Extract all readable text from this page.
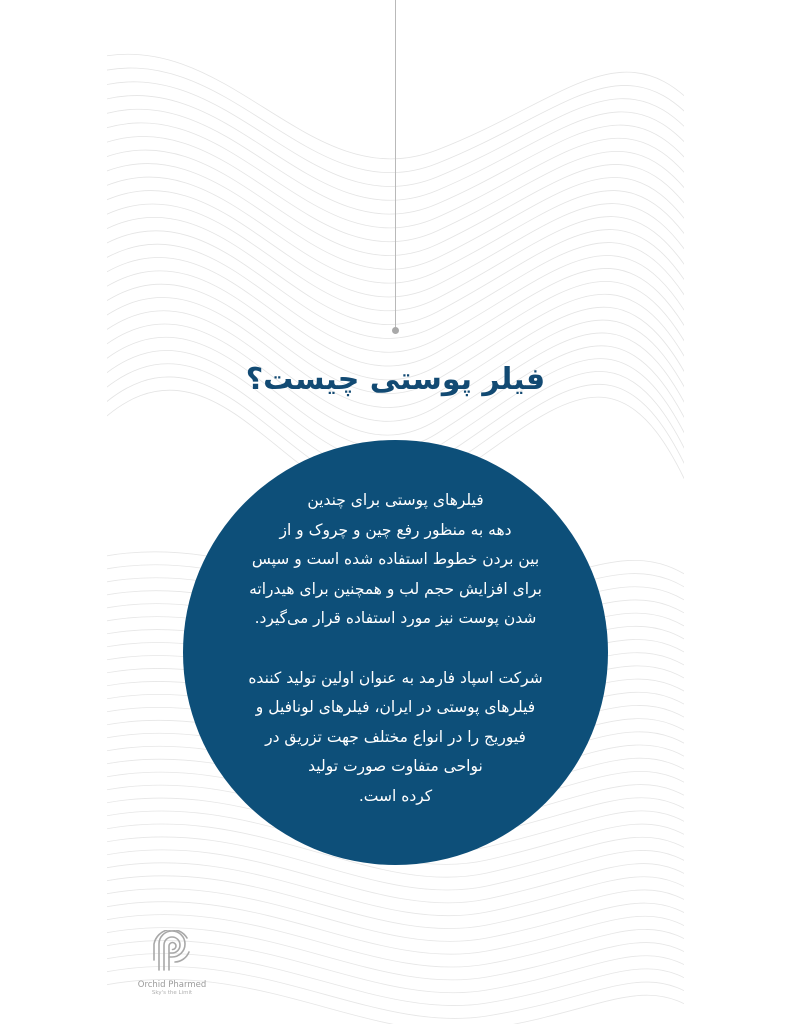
فیلر پوستی چیست؟
فیلرهای پوستی برای چندین
دهه به منظور رفع چین و چروک و از
بین بردن خطوط استفاده شده است و سپس
برای افزایش حجم لب و همچنین برای هیدراته
شدن پوست نیز مورد استفاده قرار می‌گیرد.
شرکت اسپاد فارمد به عنوان اولین تولید کننده
فیلرهای پوستی در ایران، فیلرهای لونافیل و
فیوریج را در انواع مختلف جهت تزریق در
نواحی متفاوت صورت تولید
کرده است.
Orchid Pharmed
Sky's the Limit
